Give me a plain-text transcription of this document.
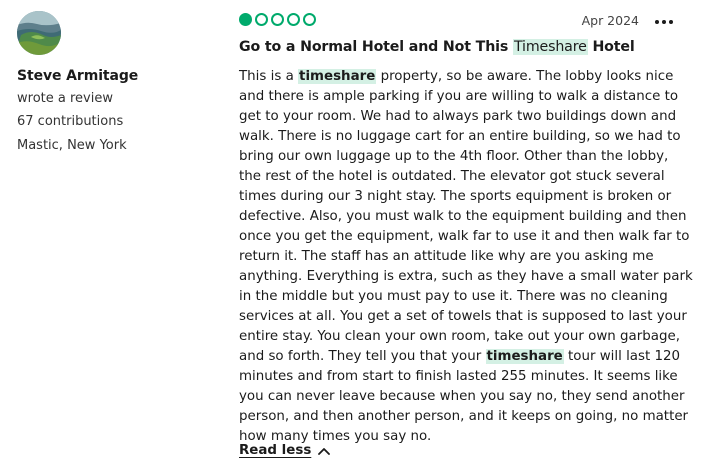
Steve Armitage
wrote a review
67 contributions
Mastic, New York
Apr 2024
Go to a Normal Hotel and Not This Timeshare Hotel
This is a timeshare property, so be aware. The lobby looks nice
and there is ample parking if you are willing to walk a distance to
get to your room. We had to always park two buildings down and
walk. There is no luggage cart for an entire building, so we had to
bring our own luggage up to the 4th floor. Other than the lobby,
the rest of the hotel is outdated. The elevator got stuck several
times during our 3 night stay. The sports equipment is broken or
defective. Also, you must walk to the equipment building and then
once you get the equipment, walk far to use it and then walk far to
return it. The staff has an attitude like why are you asking me
anything. Everything is extra, such as they have a small water park
in the middle but you must pay to use it. There was no cleaning
services at all. You get a set of towels that is supposed to last your
entire stay. You clean your own room, take out your own garbage,
and so forth. They tell you that your timeshare tour will last 120
minutes and from start to finish lasted 255 minutes. It seems like
you can never leave because when you say no, they send another
person, and then another person, and it keeps on going, no matter
how many times you say no.
Read less
